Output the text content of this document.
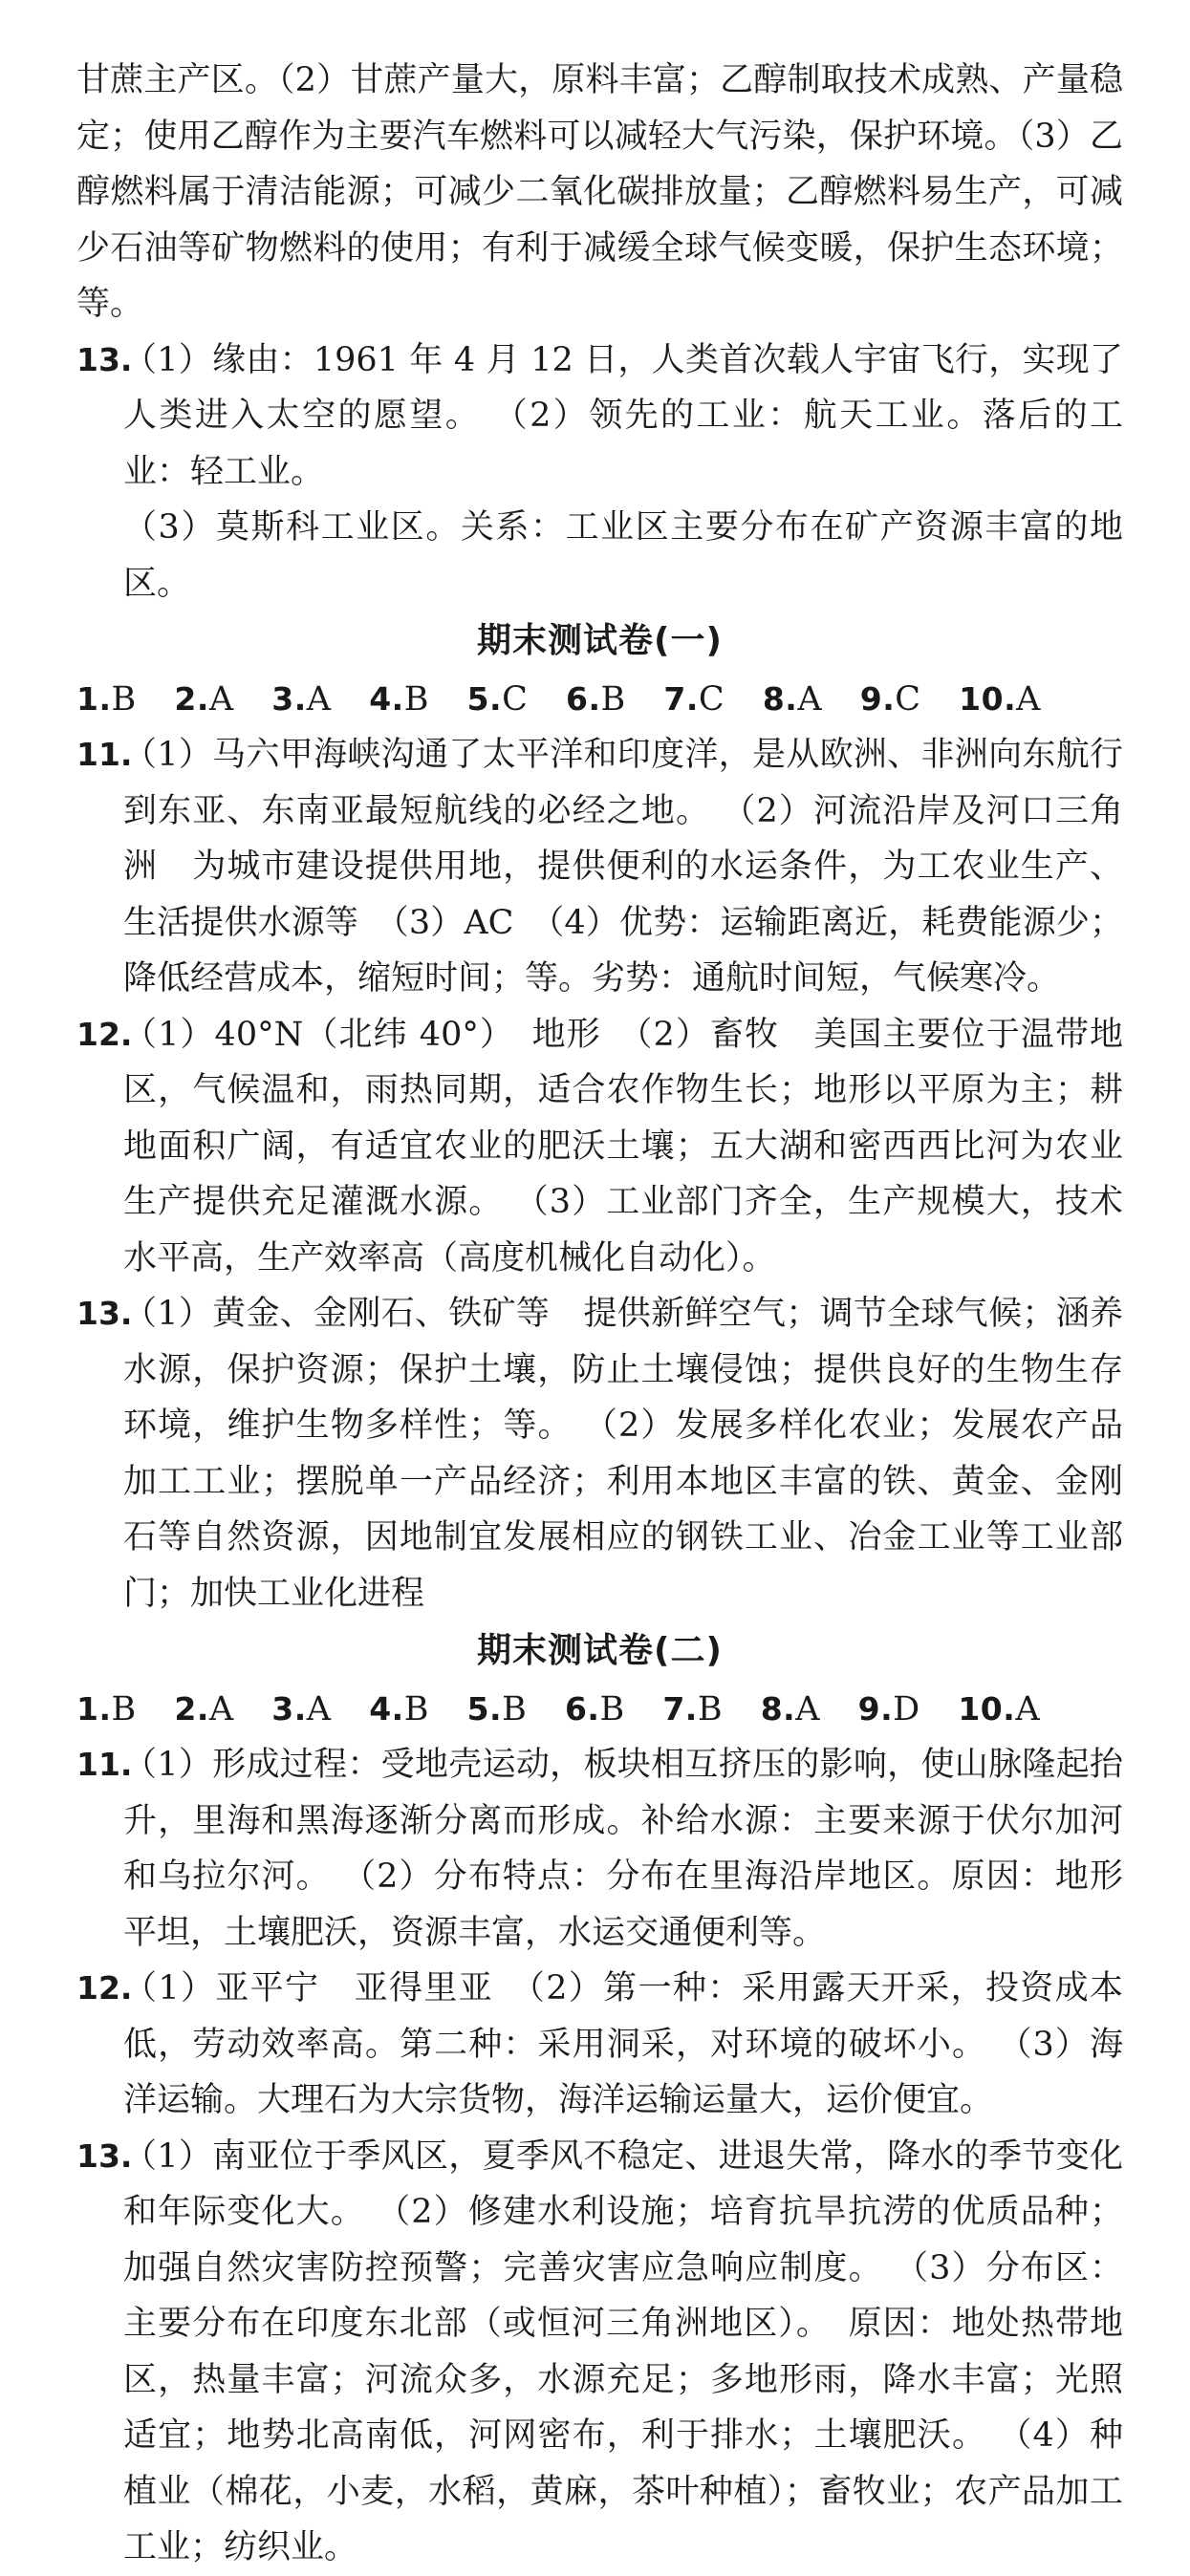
甘蔗主产区。（2）甘蔗产量大，原料丰富；乙醇制取技术成熟、产量稳定；使用乙醇作为主要汽车燃料可以减轻大气污染，保护环境。（3）乙醇燃料属于清洁能源；可减少二氧化碳排放量；乙醇燃料易生产，可减少石油等矿物燃料的使用；有利于减缓全球气候变暖，保护生态环境；等。

13.

（1）缘由：1961 年 4 月 12 日，人类首次载人宇宙飞行，实现了人类进入太空的愿望。 （2）领先的工业：航天工业。落后的工业：轻工业。

（3）莫斯科工业区。关系：工业区主要分布在矿产资源丰富的地区。

期末测试卷(一)
1.B 2.A 3.A 4.B 5.C 6.B 7.C 8.A 9.C 10.A
11.

（1）马六甲海峡沟通了太平洋和印度洋，是从欧洲、非洲向东航行到东亚、东南亚最短航线的必经之地。 （2）河流沿岸及河口三角洲　为城市建设提供用地，提供便利的水运条件，为工农业生产、生活提供水源等　（3）AC　（4）优势：运输距离近，耗费能源少；降低经营成本，缩短时间；等。劣势：通航时间短，气候寒冷。

12.

（1）40°N（北纬 40°）　地形　（2）畜牧　美国主要位于温带地区，气候温和，雨热同期，适合农作物生长；地形以平原为主；耕地面积广阔，有适宜农业的肥沃土壤；五大湖和密西西比河为农业生产提供充足灌溉水源。 （3）工业部门齐全，生产规模大，技术水平高，生产效率高（高度机械化自动化）。

13.

（1）黄金、金刚石、铁矿等　提供新鲜空气；调节全球气候；涵养水源，保护资源；保护土壤，防止土壤侵蚀；提供良好的生物生存环境，维护生物多样性；等。 （2）发展多样化农业；发展农产品加工工业；摆脱单一产品经济；利用本地区丰富的铁、黄金、金刚石等自然资源，因地制宜发展相应的钢铁工业、冶金工业等工业部门；加快工业化进程

期末测试卷(二)
1.B 2.A 3.A 4.B 5.B 6.B 7.B 8.A 9.D 10.A
11.

（1）形成过程：受地壳运动，板块相互挤压的影响，使山脉隆起抬升，里海和黑海逐渐分离而形成。补给水源：主要来源于伏尔加河和乌拉尔河。 （2）分布特点：分布在里海沿岸地区。原因：地形平坦，土壤肥沃，资源丰富，水运交通便利等。

12.

（1）亚平宁　亚得里亚　（2）第一种：采用露天开采，投资成本低，劳动效率高。第二种：采用洞采，对环境的破坏小。 （3）海洋运输。大理石为大宗货物，海洋运输运量大，运价便宜。

13.

（1）南亚位于季风区，夏季风不稳定、进退失常，降水的季节变化和年际变化大。 （2）修建水利设施；培育抗旱抗涝的优质品种；加强自然灾害防控预警；完善灾害应急响应制度。 （3）分布区：主要分布在印度东北部（或恒河三角洲地区）。　原因：地处热带地区，热量丰富；河流众多，水源充足；多地形雨，降水丰富；光照适宜；地势北高南低，河网密布，利于排水；土壤肥沃。 （4）种植业（棉花，小麦，水稻，黄麻，茶叶种植）；畜牧业；农产品加工工业；纺织业。
